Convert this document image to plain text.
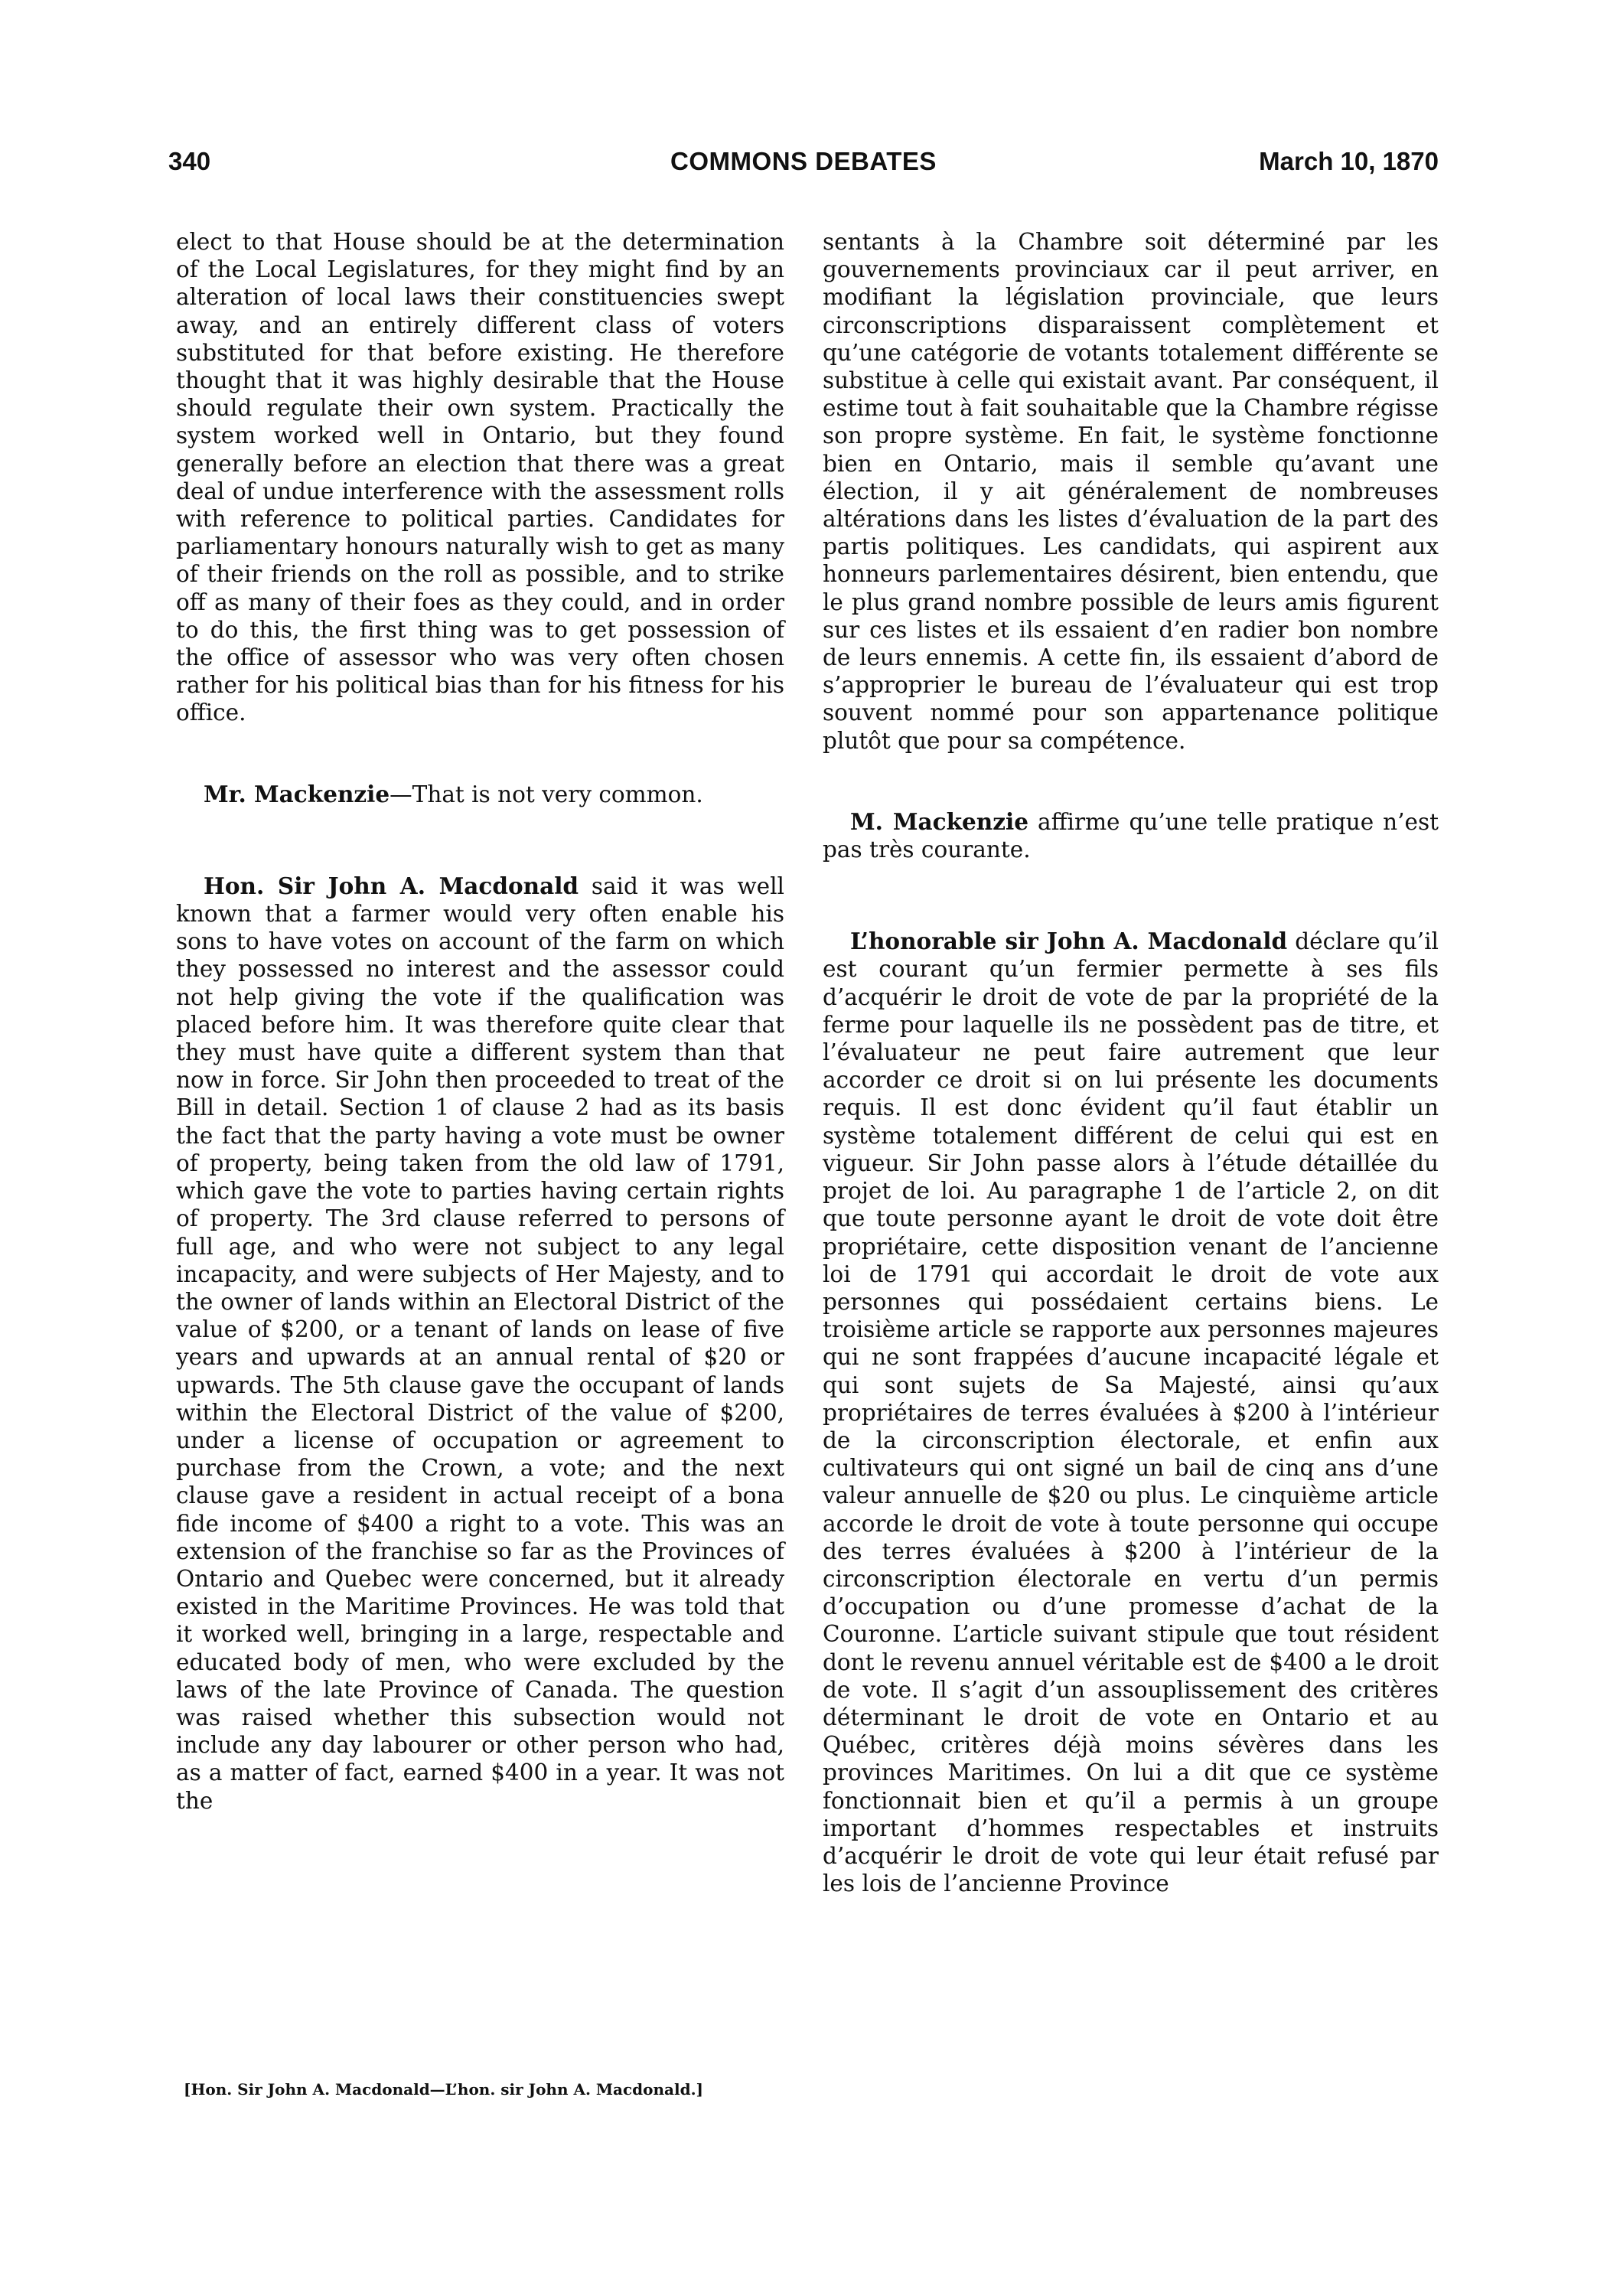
340	COMMONS DEBATES	March 10, 1870

elect to that House should be at the determination of the Local Legislatures, for they might find by an alteration of local laws their constituencies swept away, and an entirely different class of voters substituted for that before existing. He therefore thought that it was highly desirable that the House should regulate their own system. Practically the system worked well in Ontario, but they found generally before an election that there was a great deal of undue interference with the assessment rolls with reference to political parties. Candidates for parliamentary honours naturally wish to get as many of their friends on the roll as possible, and to strike off as many of their foes as they could, and in order to do this, the first thing was to get possession of the office of assessor who was very often chosen rather for his political bias than for his fitness for his office.

Mr. Mackenzie—That is not very common.

Hon. Sir John A. Macdonald said it was well known that a farmer would very often enable his sons to have votes on account of the farm on which they possessed no interest and the assessor could not help giving the vote if the qualification was placed before him. It was therefore quite clear that they must have quite a different system than that now in force. Sir John then proceeded to treat of the Bill in detail. Section 1 of clause 2 had as its basis the fact that the party having a vote must be owner of property, being taken from the old law of 1791, which gave the vote to parties having certain rights of property. The 3rd clause referred to persons of full age, and who were not subject to any legal incapacity, and were subjects of Her Majesty, and to the owner of lands within an Electoral District of the value of $200, or a tenant of lands on lease of five years and upwards at an annual rental of $20 or upwards. The 5th clause gave the occupant of lands within the Electoral District of the value of $200, under a license of occupation or agreement to purchase from the Crown, a vote; and the next clause gave a resident in actual receipt of a bona fide income of $400 a right to a vote. This was an extension of the franchise so far as the Provinces of Ontario and Quebec were concerned, but it already existed in the Maritime Provinces. He was told that it worked well, bringing in a large, respectable and educated body of men, who were excluded by the laws of the late Province of Canada. The question was raised whether this subsection would not include any day labourer or other person who had, as a matter of fact, earned $400 in a year. It was not the

sentants à la Chambre soit déterminé par les gouvernements provinciaux car il peut arriver, en modifiant la législation provinciale, que leurs circonscriptions disparaissent complètement et qu’une catégorie de votants totalement différente se substitue à celle qui existait avant. Par conséquent, il estime tout à fait souhaitable que la Chambre régisse son propre système. En fait, le système fonctionne bien en Ontario, mais il semble qu’avant une élection, il y ait généralement de nombreuses altérations dans les listes d’évaluation de la part des partis politiques. Les candidats, qui aspirent aux honneurs parlementaires désirent, bien entendu, que le plus grand nombre possible de leurs amis figurent sur ces listes et ils essaient d’en radier bon nombre de leurs ennemis. A cette fin, ils essaient d’abord de s’approprier le bureau de l’évaluateur qui est trop souvent nommé pour son appartenance politique plutôt que pour sa compétence.

M. Mackenzie affirme qu’une telle pratique n’est pas très courante.

L’honorable sir John A. Macdonald déclare qu’il est courant qu’un fermier permette à ses fils d’acquérir le droit de vote de par la propriété de la ferme pour laquelle ils ne possèdent pas de titre, et l’évaluateur ne peut faire autrement que leur accorder ce droit si on lui présente les documents requis. Il est donc évident qu’il faut établir un système totalement différent de celui qui est en vigueur. Sir John passe alors à l’étude détaillée du projet de loi. Au paragraphe 1 de l’article 2, on dit que toute personne ayant le droit de vote doit être propriétaire, cette disposition venant de l’ancienne loi de 1791 qui accordait le droit de vote aux personnes qui possédaient certains biens. Le troisième article se rapporte aux personnes majeures qui ne sont frappées d’aucune incapacité légale et qui sont sujets de Sa Majesté, ainsi qu’aux propriétaires de terres évaluées à $200 à l’intérieur de la circonscription électorale, et enfin aux cultivateurs qui ont signé un bail de cinq ans d’une valeur annuelle de $20 ou plus. Le cinquième article accorde le droit de vote à toute personne qui occupe des terres évaluées à $200 à l’intérieur de la circonscription électorale en vertu d’un permis d’occupation ou d’une promesse d’achat de la Couronne. L’article suivant stipule que tout résident dont le revenu annuel véritable est de $400 a le droit de vote. Il s’agit d’un assouplissement des critères déterminant le droit de vote en Ontario et au Québec, critères déjà moins sévères dans les provinces Maritimes. On lui a dit que ce système fonctionnait bien et qu’il a permis à un groupe important d’hommes respectables et instruits d’acquérir le droit de vote qui leur était refusé par les lois de l’ancienne Province

[Hon. Sir John A. Macdonald—L’hon. sir John A. Macdonald.]
